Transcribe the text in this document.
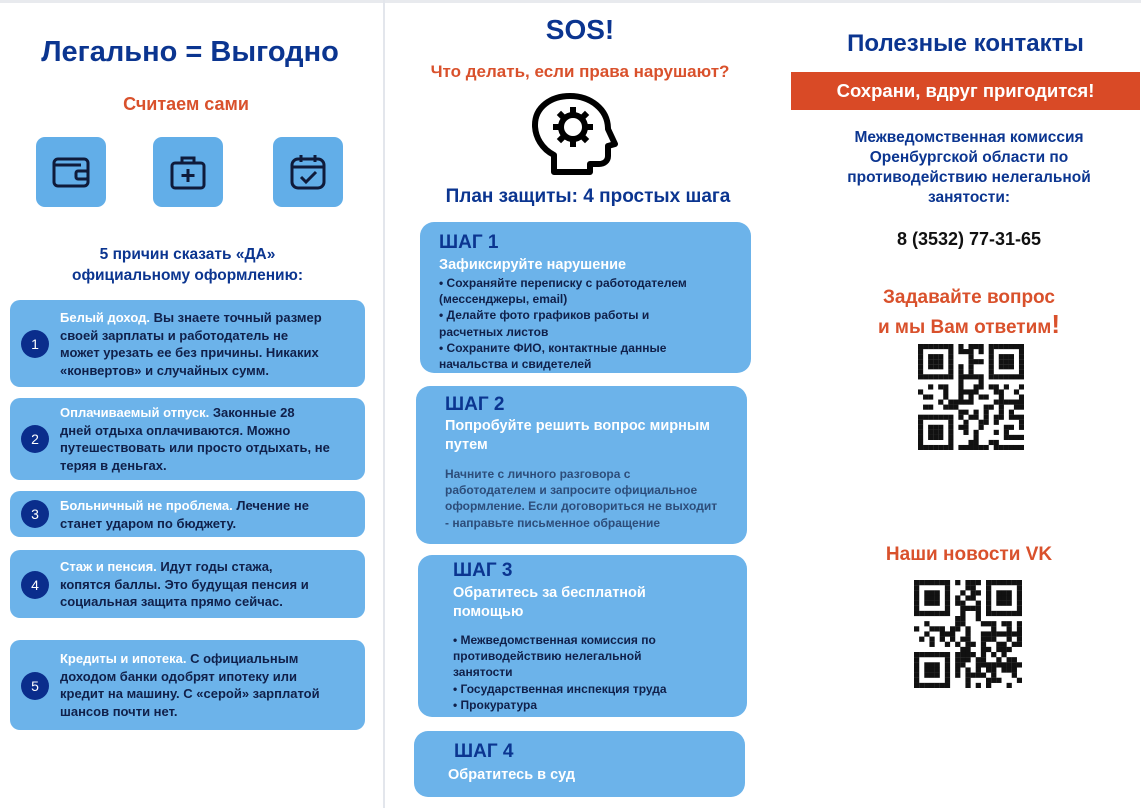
Легально = Выгодно
Считаем сами
5 причин сказать «ДА»
официальному оформлению:
1
Белый доход. Вы знаете точный размер
своей зарплаты и работодатель не
может урезать ее без причины. Никаких
«конвертов» и случайных сумм.
2
Оплачиваемый отпуск. Законные 28
дней отдыха оплачиваются. Можно
путешествовать или просто отдыхать, не
теряя в деньгах.
3
Больничный не проблема. Лечение не
станет ударом по бюджету.
4
Стаж и пенсия. Идут годы стажа,
копятся баллы. Это будущая пенсия и
социальная защита прямо сейчас.
5
Кредиты и ипотека. С официальным
доходом банки одобрят ипотеку или
кредит на машину. С «серой» зарплатой
шансов почти нет.
SOS!
Что делать, если права нарушают?
План защиты: 4 простых шага
ШАГ 1
Зафиксируйте нарушение
• Сохраняйте переписку с работодателем
(мессенджеры, email)
• Делайте фото графиков работы и
расчетных листов
• Сохраните ФИО, контактные данные
начальства и свидетелей
ШАГ 2
Попробуйте решить вопрос мирным
путем
Начните с личного разговора с
работодателем и запросите официальное
оформление. Если договориться не выходит
- направьте письменное обращение
ШАГ 3
Обратитесь за бесплатной
помощью
• Межведомственная комиссия по
противодействию нелегальной
занятости
• Государственная инспекция труда
• Прокуратура
ШАГ 4
Обратитесь в суд
Полезные контакты
Сохрани, вдруг пригодится!
Межведомственная комиссия
Оренбургской области по
противодействию нелегальной
занятости:
8 (3532) 77-31-65
Задавайте вопрос
и мы Вам ответим!
Наши новости VK
